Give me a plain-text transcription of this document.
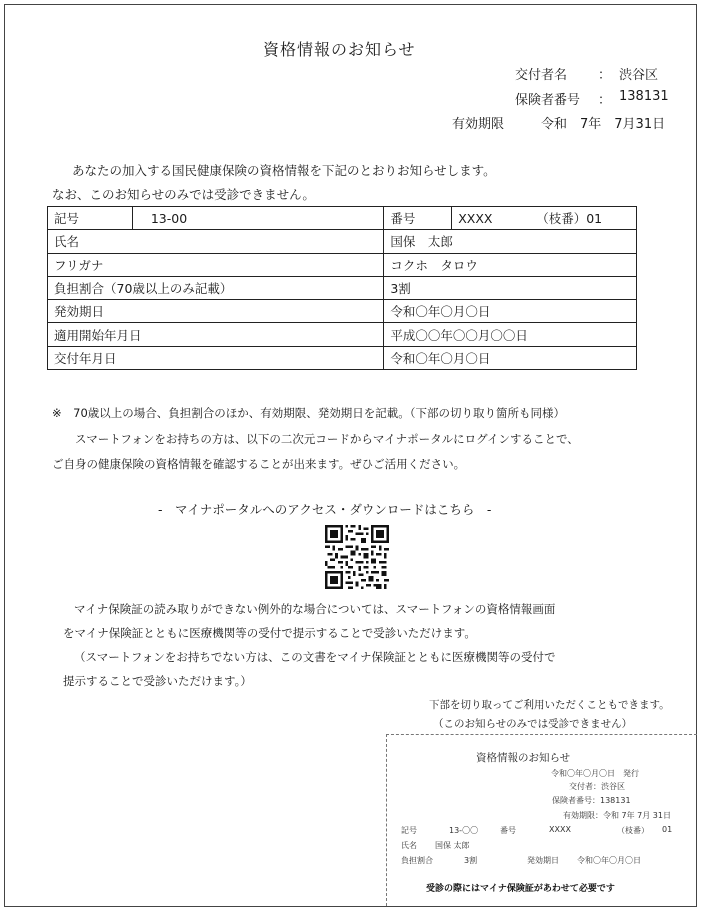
資格情報のお知らせ
交付者名 ： 渋谷区
保険者番号 ： 138131
有効期限	令和　7年　7月31日
あなたの加入する国民健康保険の資格情報を下記のとおりお知らせします。
なお、このお知らせのみでは受診できません。
記号	13-00	番号	XXXX （枝番）01
氏名		国保　太郎	
フリガナ		コクホ　タロウ	
負担割合（70歳以上のみ記載）		3割	
発効期日		令和〇年〇月〇日	
適用開始年月日		平成〇〇年〇〇月〇〇日	
交付年月日		令和〇年〇月〇日	
※　70歳以上の場合、負担割合のほか、有効期限、発効期日を記載。（下部の切り取り箇所も同様）
スマートフォンをお持ちの方は、以下の二次元コードからマイナポータルにログインすることで、
ご自身の健康保険の資格情報を確認することが出来ます。ぜひご活用ください。
-　マイナポータルへのアクセス・ダウンロードはこちら　-
マイナ保険証の読み取りができない例外的な場合については、スマートフォンの資格情報画面
をマイナ保険証とともに医療機関等の受付で提示することで受診いただけます。
（スマートフォンをお持ちでない方は、この文書をマイナ保険証とともに医療機関等の受付で
提示することで受診いただけます。）
下部を切り取ってご利用いただくこともできます。
（このお知らせのみでは受診できません）
資格情報のお知らせ
令和〇年〇月〇日　発行
交付者：渋谷区
保険者番号：138131
有効期限：令和 7年 7月 31日
記号	13-〇〇	番号	XXXX	（枝番） 01
氏名 国保 太郎
負担割合	3割	発効期日 令和〇年〇月〇日
受診の際にはマイナ保険証があわせて必要です
